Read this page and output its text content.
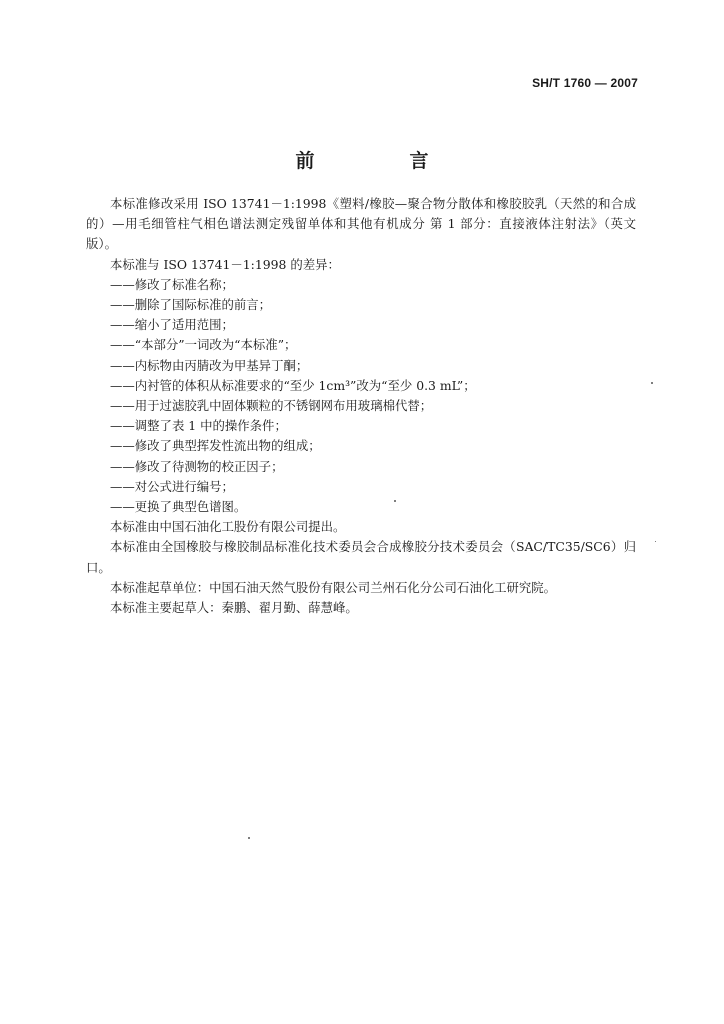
SH/T 1760 — 2007
前　言

本标准修改采用 ISO 13741－1:1998《塑料/橡胶—聚合物分散体和橡胶胶乳（天然的和合成的）—用毛细管柱气相色谱法测定残留单体和其他有机成分 第 1 部分：直接液体注射法》（英文版）。

本标准与 ISO 13741－1:1998 的差异：

——修改了标准名称；

——删除了国际标准的前言；

——缩小了适用范围；

——“本部分”一词改为“本标准”；

——内标物由丙腈改为甲基异丁酮；

——内衬管的体积从标准要求的“至少 1cm³”改为“至少 0.3 mL”；

——用于过滤胶乳中固体颗粒的不锈钢网布用玻璃棉代替；

——调整了表 1 中的操作条件；

——修改了典型挥发性流出物的组成；

——修改了待测物的校正因子；

——对公式进行编号；

——更换了典型色谱图。

本标准由中国石油化工股份有限公司提出。

本标准由全国橡胶与橡胶制品标准化技术委员会合成橡胶分技术委员会（SAC/TC35/SC6）归口。

本标准起草单位：中国石油天然气股份有限公司兰州石化分公司石油化工研究院。

本标准主要起草人：秦鹏、翟月勤、薛慧峰。
